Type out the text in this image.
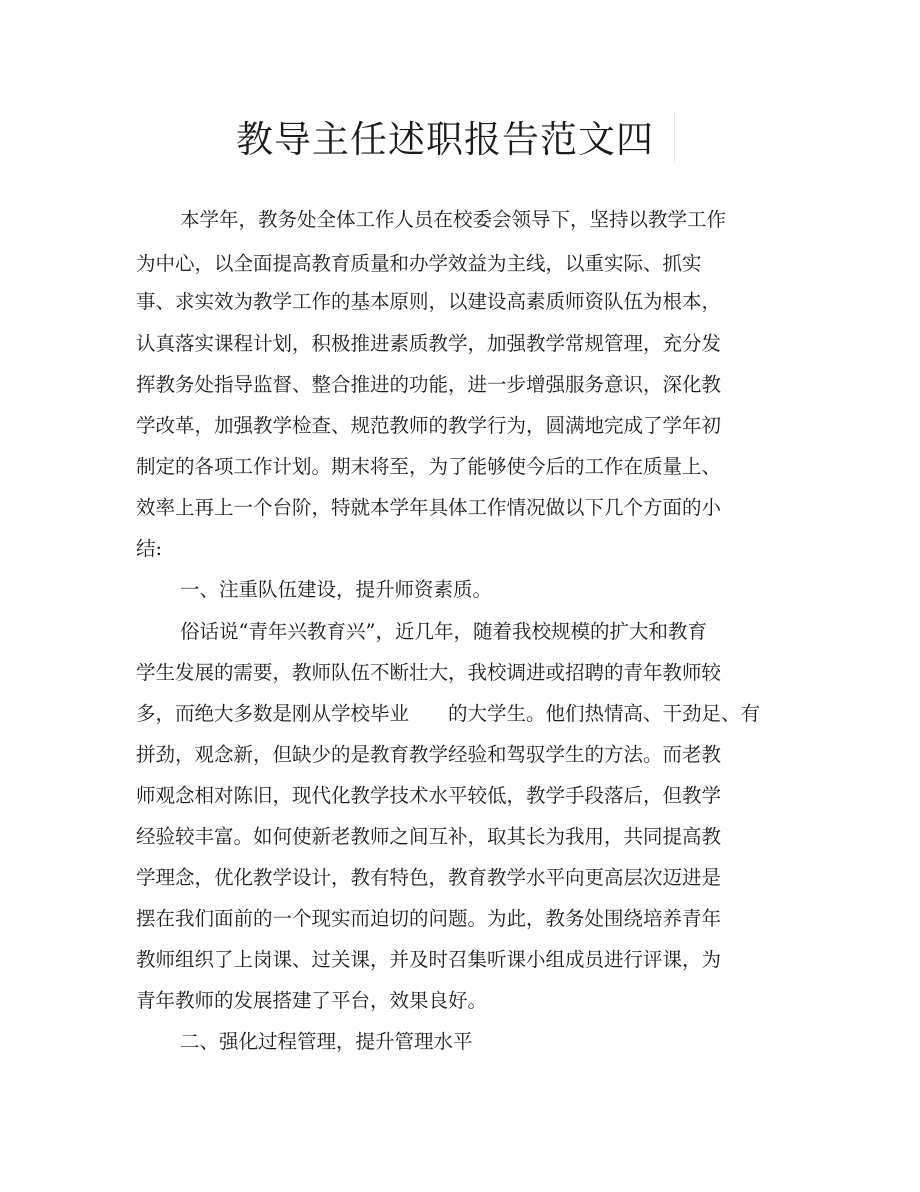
教导主任述职报告范文四
本学年，教务处全体工作人员在校委会领导下，坚持以教学工作
为中心，以全面提高教育质量和办学效益为主线，以重实际、抓实
事、求实效为教学工作的基本原则，以建设高素质师资队伍为根本，
认真落实课程计划，积极推进素质教学，加强教学常规管理，充分发
挥教务处指导监督、整合推进的功能，进一步增强服务意识，深化教
学改革，加强教学检查、规范教师的教学行为，圆满地完成了学年初
制定的各项工作计划。期末将至，为了能够使今后的工作在质量上、
效率上再上一个台阶，特就本学年具体工作情况做以下几个方面的小
结:
一、注重队伍建设，提升师资素质。
俗话说“青年兴教育兴”，近几年，随着我校规模的扩大和教育
学生发展的需要，教师队伍不断壮大，我校调进或招聘的青年教师较
多，而绝大多数是刚从学校毕业　　的大学生。他们热情高、干劲足、有
拼劲，观念新，但缺少的是教育教学经验和驾驭学生的方法。而老教
师观念相对陈旧，现代化教学技术水平较低，教学手段落后，但教学
经验较丰富。如何使新老教师之间互补，取其长为我用，共同提高教
学理念，优化教学设计，教有特色，教育教学水平向更高层次迈进是
摆在我们面前的一个现实而迫切的问题。为此，教务处围绕培养青年
教师组织了上岗课、过关课，并及时召集听课小组成员进行评课，为
青年教师的发展搭建了平台，效果良好。
二、强化过程管理，提升管理水平
